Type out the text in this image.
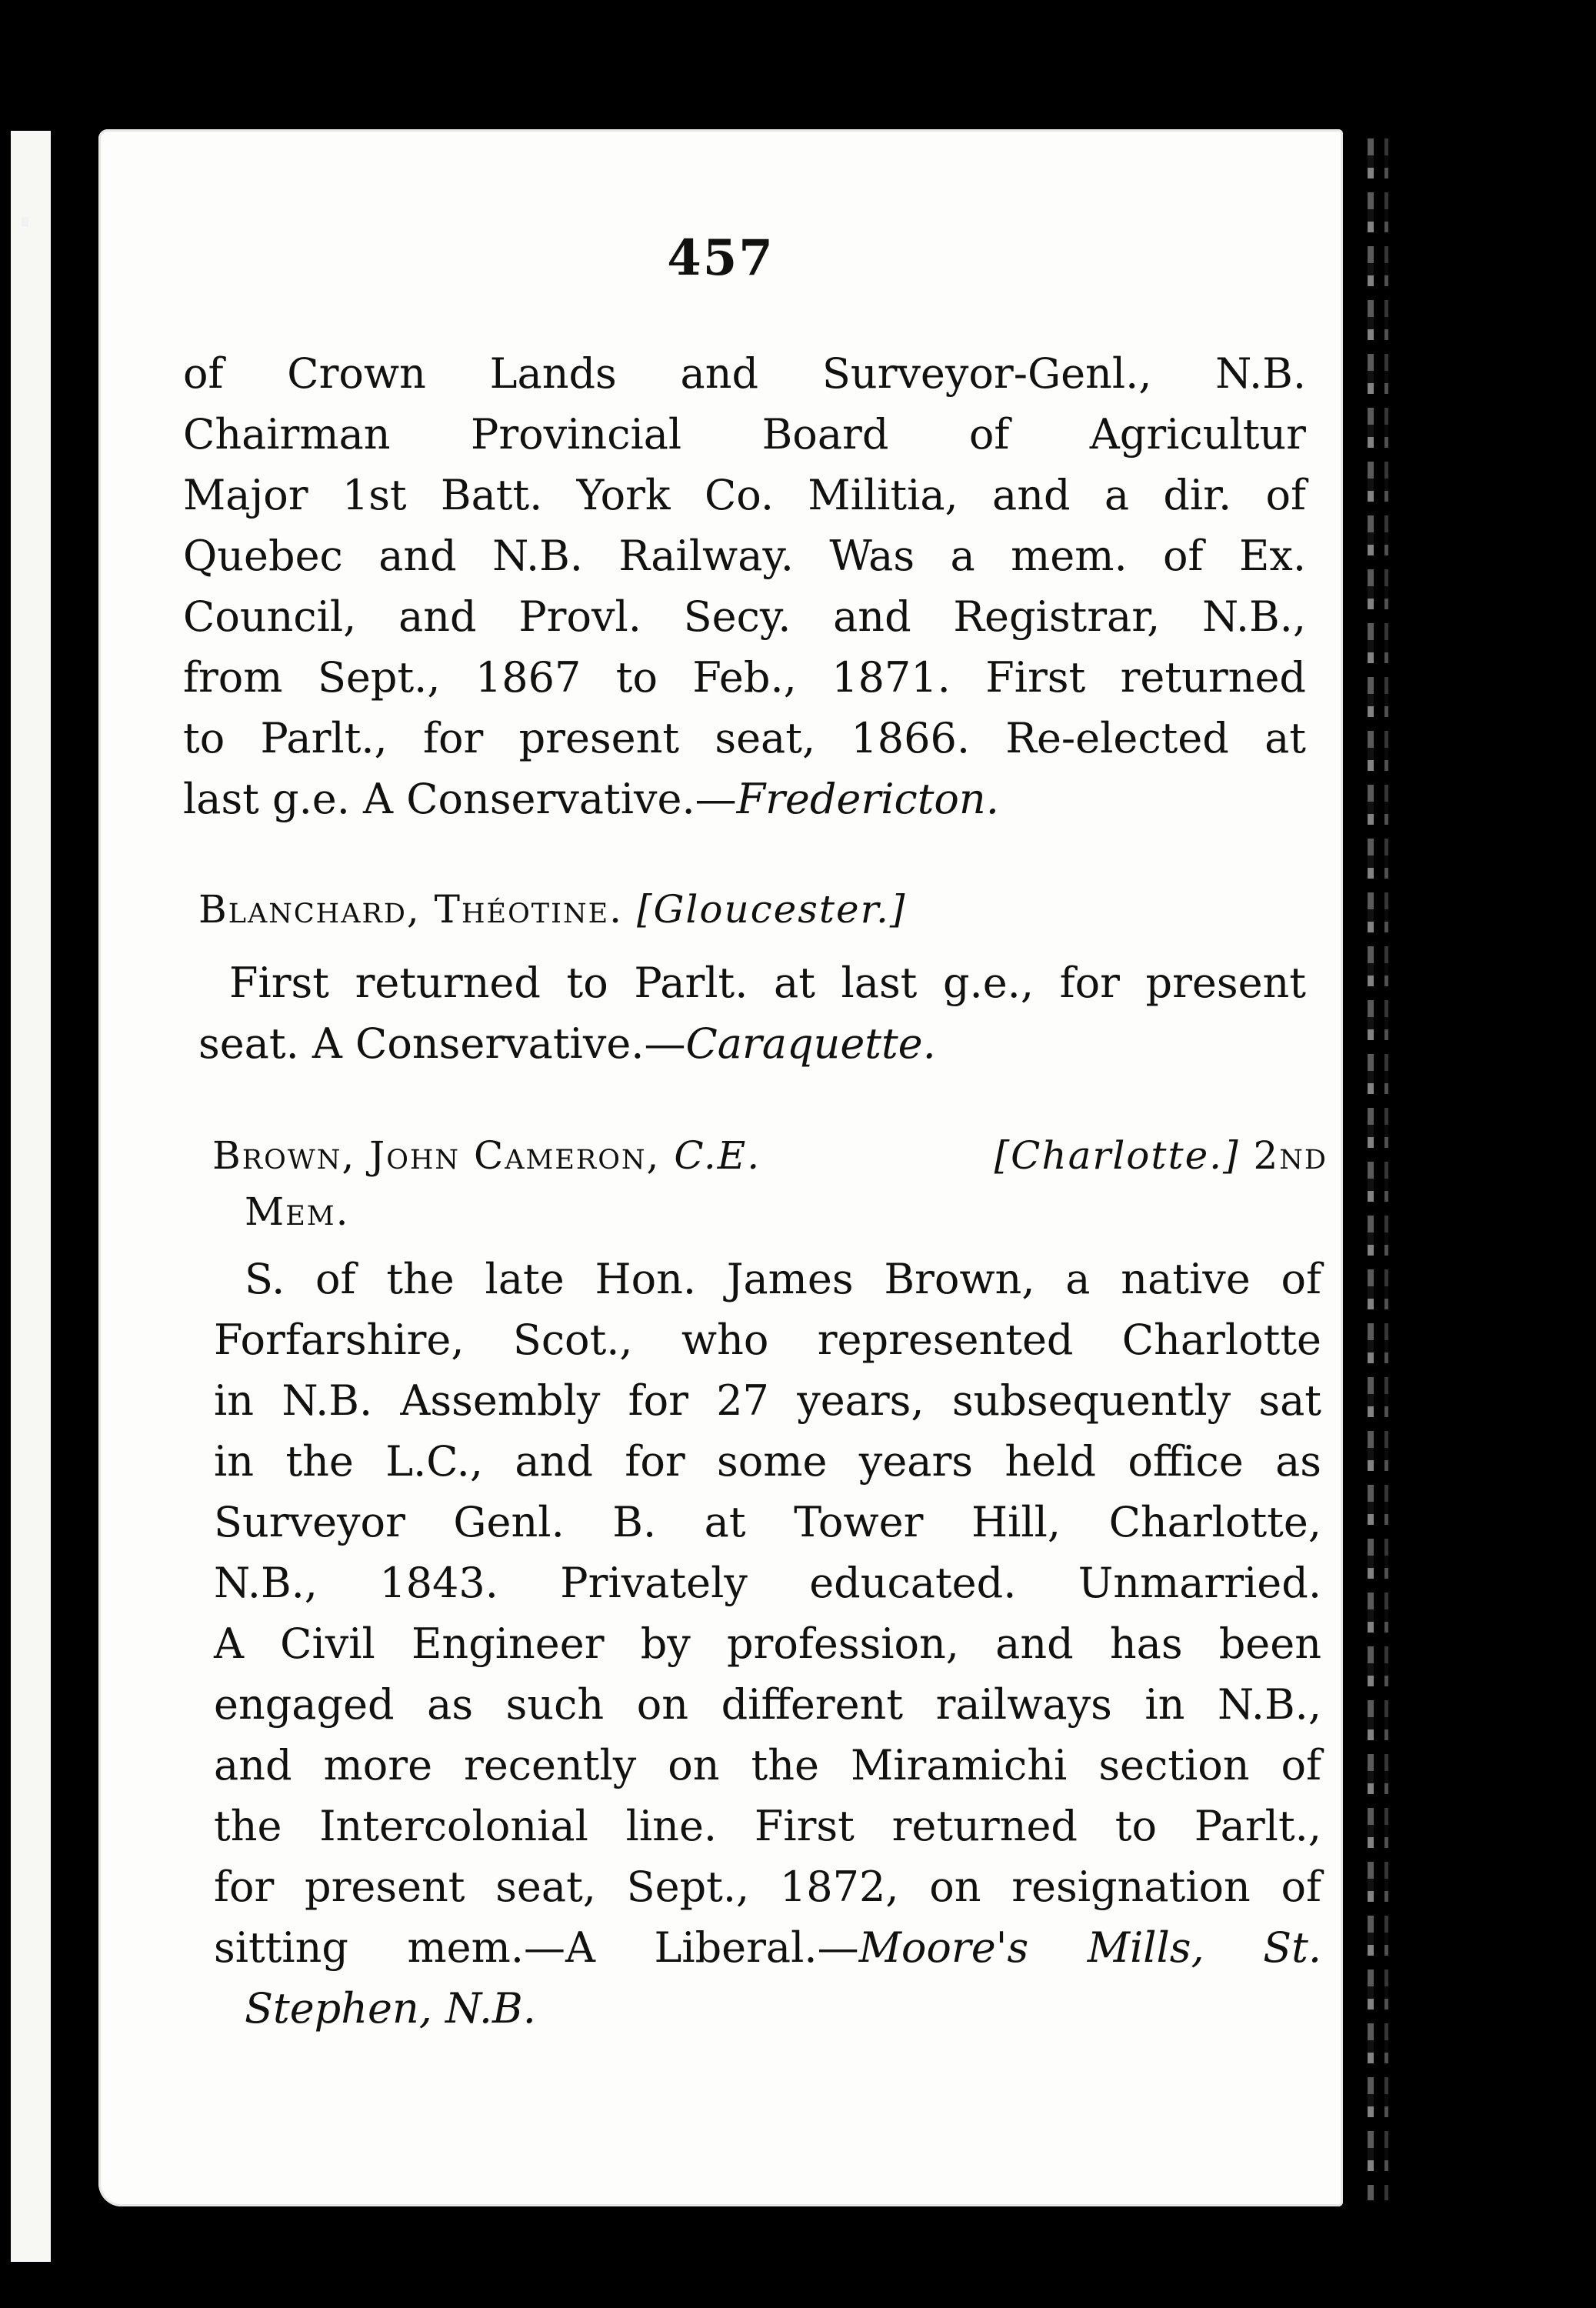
457

of Crown Lands and Surveyor-Genl., N.B.

Chairman Provincial Board of Agricultur

Major 1st Batt. York Co. Militia, and a dir. of

Quebec and N.B. Railway. Was a mem. of Ex.

Council, and Provl. Secy. and Registrar, N.B.,

from Sept., 1867 to Feb., 1871. First returned

to Parlt., for present seat, 1866. Re-elected at

last g.e. A Conservative.—Fredericton.

Blanchard, Théotine. [Gloucester.]

First returned to Parlt. at last g.e., for present

seat. A Conservative.—Caraquette.

Brown, John Cameron, C.E.	[Charlotte.] 2nd
Mem.

S. of the late Hon. James Brown, a native of

Forfarshire, Scot., who represented Charlotte

in N.B. Assembly for 27 years, subsequently sat

in the L.C., and for some years held office as

Surveyor Genl. B. at Tower Hill, Charlotte,

N.B., 1843. Privately educated. Unmarried.

A Civil Engineer by profession, and has been

engaged as such on different railways in N.B.,

and more recently on the Miramichi section of

the Intercolonial line. First returned to Parlt.,

for present seat, Sept., 1872, on resignation of

sitting mem.—A Liberal.—Moore's Mills, St.

Stephen, N.B.
